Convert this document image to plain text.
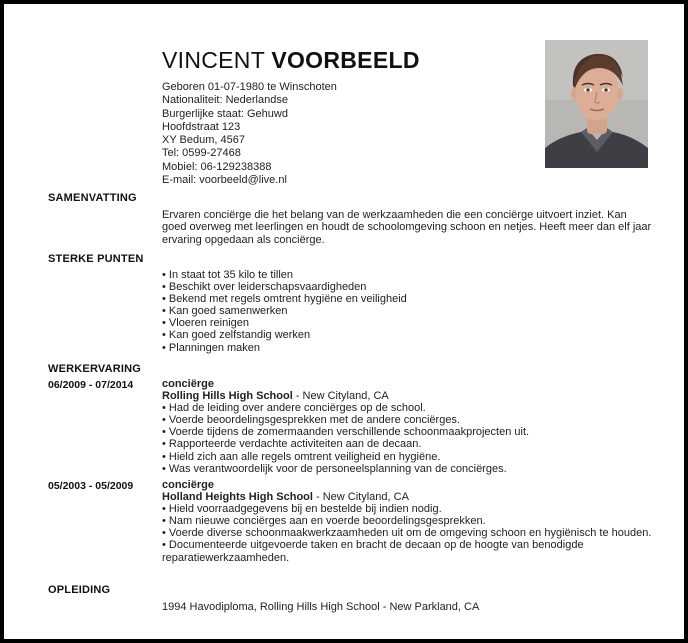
VINCENT VOORBEELD
Geboren 01-07-1980 te Winschoten
Nationaliteit: Nederlandse
Burgerlijke staat: Gehuwd
Hoofdstraat 123
XY Bedum, 4567
Tel: 0599-27468
Mobiel: 06-129238388
E-mail: voorbeeld@live.nl
SAMENVATTING
Ervaren conciërge die het belang van de werkzaamheden die een conciërge uitvoert inziet. Kan goed overweg met leerlingen en houdt de schoolomgeving schoon en netjes. Heeft meer dan elf jaar ervaring opgedaan als conciërge.
STERKE PUNTEN
• In staat tot 35 kilo te tillen
• Beschikt over leiderschapsvaardigheden
• Bekend met regels omtrent hygiëne en veiligheid
• Kan goed samenwerken
• Vloeren reinigen
• Kan goed zelfstandig werken
• Planningen maken
WERKERVARING
06/2009 - 07/2014	conciërge
Rolling Hills High School - New Cityland, CA
• Had de leiding over andere conciërges op de school.
• Voerde beoordelingsgesprekken met de andere conciërges.
• Voerde tijdens de zomermaanden verschillende schoonmaakprojecten uit.
• Rapporteerde verdachte activiteiten aan de decaan.
• Hield zich aan alle regels omtrent veiligheid en hygiëne.
• Was verantwoordelijk voor de personeelsplanning van de conciërges.
05/2003 - 05/2009	conciërge
Holland Heights High School - New Cityland, CA
• Hield voorraadgegevens bij en bestelde bij indien nodig.
• Nam nieuwe conciërges aan en voerde beoordelingsgesprekken.
• Voerde diverse schoonmaakwerkzaamheden uit om de omgeving schoon en hygiënisch te houden.
• Documenteerde uitgevoerde taken en bracht de decaan op de hoogte van benodigde reparatiewerkzaamheden.
OPLEIDING
1994 Havodiploma, Rolling Hills High School - New Parkland, CA
